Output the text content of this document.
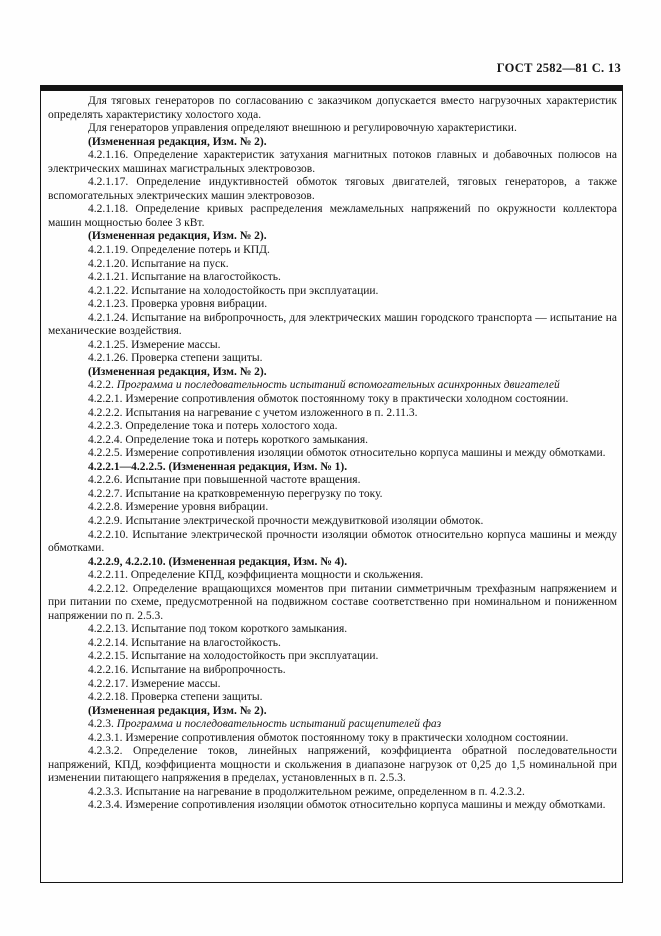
ГОСТ 2582—81 С. 13

Для тяговых генераторов по согласованию с заказчиком допускается вместо нагрузочных характеристик определять характеристику холостого хода.

Для генераторов управления определяют внешнюю и регулировочную характеристики.

(Измененная редакция, Изм. № 2).

4.2.1.16. Определение характеристик затухания магнитных потоков главных и добавочных полюсов на электрических машинах магистральных электровозов.

4.2.1.17. Определение индуктивностей обмоток тяговых двигателей, тяговых генераторов, а также вспомогательных электрических машин электровозов.

4.2.1.18. Определение кривых распределения межламельных напряжений по окружности коллектора машин мощностью более 3 кВт.

(Измененная редакция, Изм. № 2).

4.2.1.19. Определение потерь и КПД.

4.2.1.20. Испытание на пуск.

4.2.1.21. Испытание на влагостойкость.

4.2.1.22. Испытание на холодостойкость при эксплуатации.

4.2.1.23. Проверка уровня вибрации.

4.2.1.24. Испытание на вибропрочность, для электрических машин городского транспорта — испытание на механические воздействия.

4.2.1.25. Измерение массы.

4.2.1.26. Проверка степени защиты.

(Измененная редакция, Изм. № 2).

4.2.2. Программа и последовательность испытаний вспомогательных асинхронных двигателей

4.2.2.1. Измерение сопротивления обмоток постоянному току в практически холодном состоянии.

4.2.2.2. Испытания на нагревание с учетом изложенного в п. 2.11.3.

4.2.2.3. Определение тока и потерь холостого хода.

4.2.2.4. Определение тока и потерь короткого замыкания.

4.2.2.5. Измерение сопротивления изоляции обмоток относительно корпуса машины и между обмотками.

4.2.2.1—4.2.2.5. (Измененная редакция, Изм. № 1).

4.2.2.6. Испытание при повышенной частоте вращения.

4.2.2.7. Испытание на кратковременную перегрузку по току.

4.2.2.8. Измерение уровня вибрации.

4.2.2.9. Испытание электрической прочности междувитковой изоляции обмоток.

4.2.2.10. Испытание электрической прочности изоляции обмоток относительно корпуса машины и между обмотками.

4.2.2.9, 4.2.2.10. (Измененная редакция, Изм. № 4).

4.2.2.11. Определение КПД, коэффициента мощности и скольжения.

4.2.2.12. Определение вращающихся моментов при питании симметричным трехфазным напряжением и при питании по схеме, предусмотренной на подвижном составе соответственно при номинальном и пониженном напряжении по п. 2.5.3.

4.2.2.13. Испытание под током короткого замыкания.

4.2.2.14. Испытание на влагостойкость.

4.2.2.15. Испытание на холодостойкость при эксплуатации.

4.2.2.16. Испытание на вибропрочность.

4.2.2.17. Измерение массы.

4.2.2.18. Проверка степени защиты.

(Измененная редакция, Изм. № 2).

4.2.3. Программа и последовательность испытаний расщепителей фаз

4.2.3.1. Измерение сопротивления обмоток постоянному току в практически холодном состоянии.

4.2.3.2. Определение токов, линейных напряжений, коэффициента обратной последовательности напряжений, КПД, коэффициента мощности и скольжения в диапазоне нагрузок от 0,25 до 1,5 номинальной при изменении питающего напряжения в пределах, установленных в п. 2.5.3.

4.2.3.3. Испытание на нагревание в продолжительном режиме, определенном в п. 4.2.3.2.

4.2.3.4. Измерение сопротивления изоляции обмоток относительно корпуса машины и между обмотками.
